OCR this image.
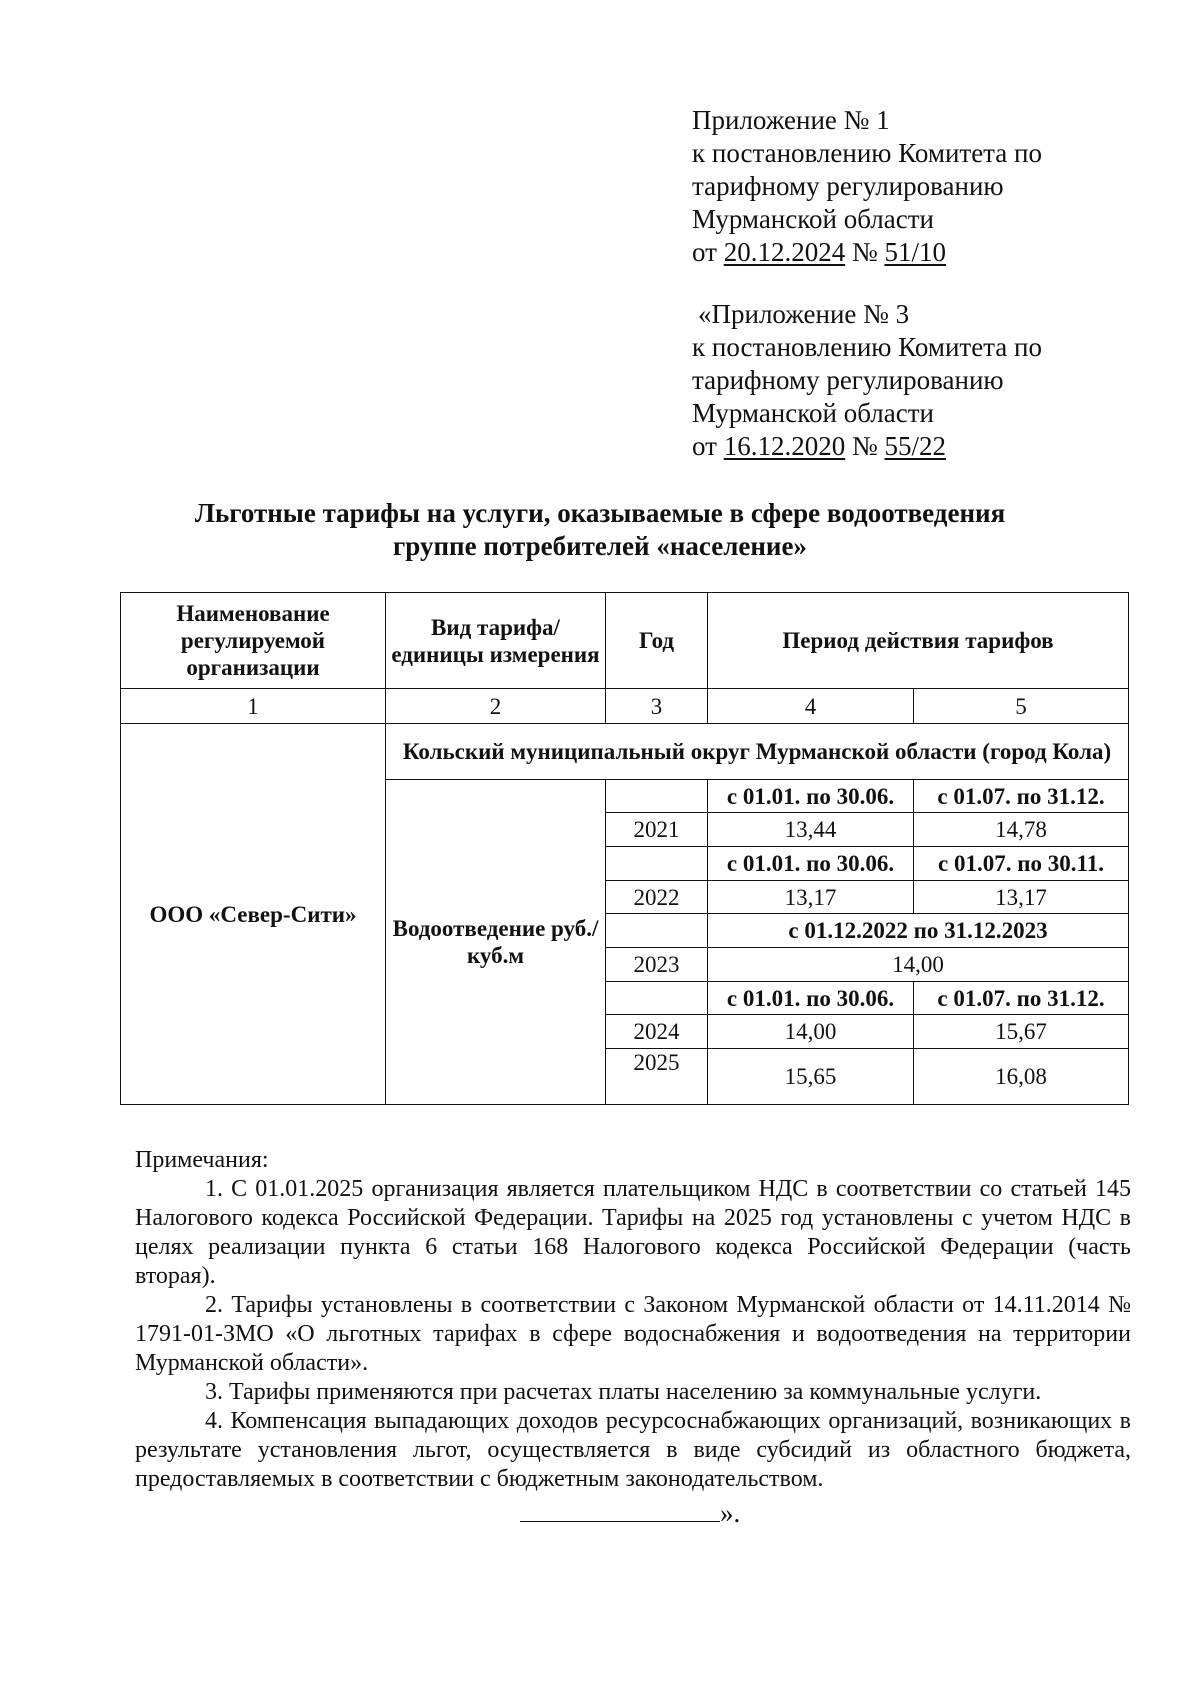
Приложение № 1
к постановлению Комитета по
тарифному регулированию
Мурманской области
от 20.12.2024 № 51/10
«Приложение № 3
к постановлению Комитета по
тарифному регулированию
Мурманской области
от 16.12.2020 № 55/22
Льготные тарифы на услуги, оказываемые в сфере водоотведения
группе потребителей «население»
Наименование регулируемой организации	Вид тарифа/единицы измерения	Год	Период действия тарифов	
1	2	3	4	5
ООО «Север-Сити»	Кольский муниципальный округ Мурманской области (город Кола)			
	Водоотведение руб./куб.м		с 01.01. по 30.06.	с 01.07. по 31.12.
		2021	13,44	14,78
			с 01.01. по 30.06.	с 01.07. по 30.11.
		2022	13,17	13,17
			с 01.12.2022 по 31.12.2023	
		2023	14,00	
			с 01.01. по 30.06.	с 01.07. по 31.12.
		2024	14,00	15,67
		2025	15,65	16,08
Примечания:

1. С 01.01.2025 организация является плательщиком НДС в соответствии со статьей 145 Налогового кодекса Российской Федерации. Тарифы на 2025 год установлены с учетом НДС в целях реализации пункта 6 статьи 168 Налогового кодекса Российской Федерации (часть вторая).

2. Тарифы установлены в соответствии с Законом Мурманской области от 14.11.2014 № 1791-01-ЗМО «О льготных тарифах в сфере водоснабжения и водоотведения на территории Мурманской области».

3. Тарифы применяются при расчетах платы населению за коммунальные услуги.

4. Компенсация выпадающих доходов ресурсоснабжающих организаций, возникающих в результате установления льгот, осуществляется в виде субсидий из областного бюджета, предоставляемых в соответствии с бюджетным законодательством.

».
